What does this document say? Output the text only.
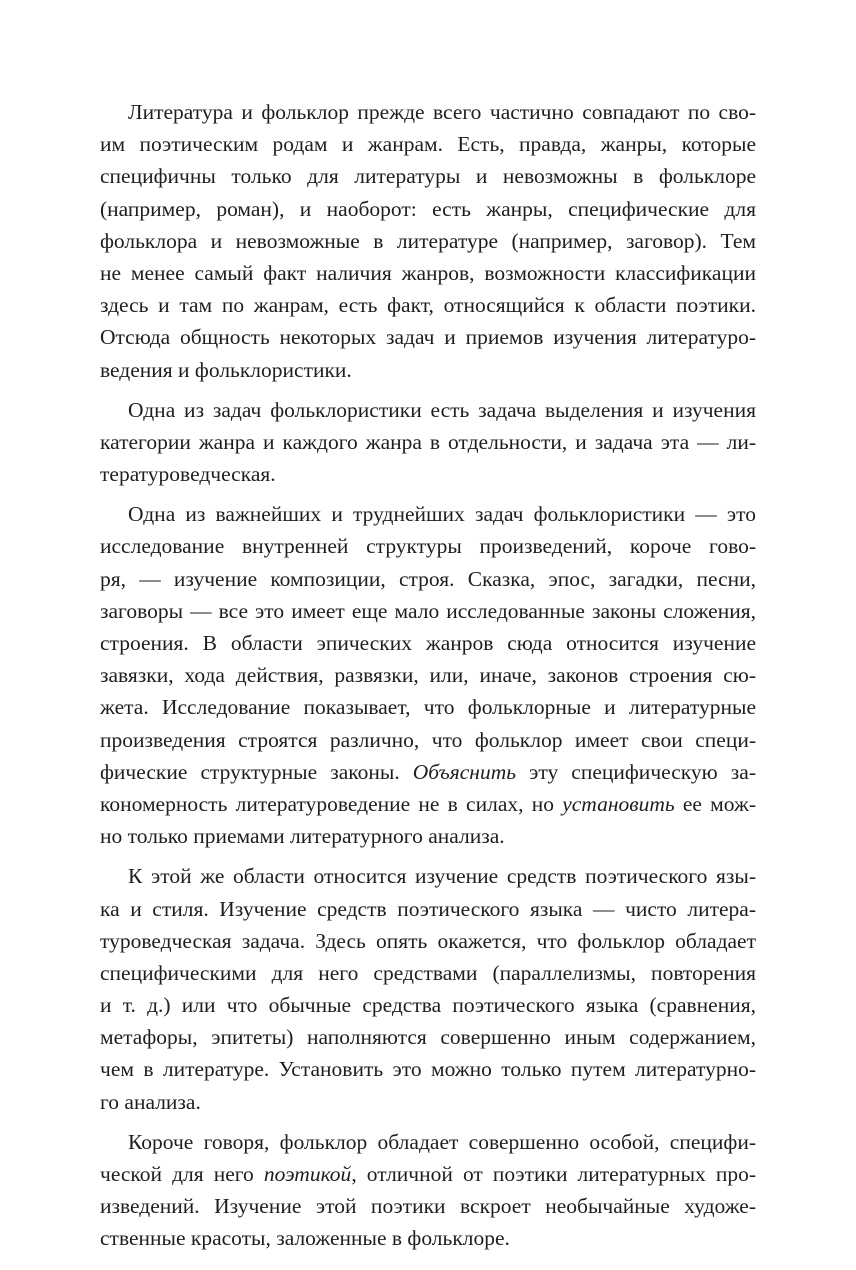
Литература и фольклор прежде всего частично совпадают по сво-
им поэтическим родам и жанрам. Есть, правда, жанры, которые
специфичны только для литературы и невозможны в фольклоре
(например, роман), и наоборот: есть жанры, специфические для
фольклора и невозможные в литературе (например, заговор). Тем
не менее самый факт наличия жанров, возможности классификации
здесь и там по жанрам, есть факт, относящийся к области поэтики.
Отсюда общность некоторых задач и приемов изучения литературо-
ведения и фольклористики.
Одна из задач фольклористики есть задача выделения и изучения
категории жанра и каждого жанра в отдельности, и задача эта — ли-
тературоведческая.
Одна из важнейших и труднейших задач фольклористики — это
исследование внутренней структуры произведений, короче гово-
ря, — изучение композиции, строя. Сказка, эпос, загадки, песни,
заговоры — все это имеет еще мало исследованные законы сложения,
строения. В области эпических жанров сюда относится изучение
завязки, хода действия, развязки, или, иначе, законов строения сю-
жета. Исследование показывает, что фольклорные и литературные
произведения строятся различно, что фольклор имеет свои специ-
фические структурные законы. Объяснить эту специфическую за-
кономерность литературоведение не в силах, но установить ее мож-
но только приемами литературного анализа.
К этой же области относится изучение средств поэтического язы-
ка и стиля. Изучение средств поэтического языка — чисто литера-
туроведческая задача. Здесь опять окажется, что фольклор обладает
специфическими для него средствами (параллелизмы, повторения
и т. д.) или что обычные средства поэтического языка (сравнения,
метафоры, эпитеты) наполняются совершенно иным содержанием,
чем в литературе. Установить это можно только путем литературно-
го анализа.
Короче говоря, фольклор обладает совершенно особой, специфи-
ческой для него поэтикой, отличной от поэтики литературных про-
изведений. Изучение этой поэтики вскроет необычайные художе-
ственные красоты, заложенные в фольклоре.
